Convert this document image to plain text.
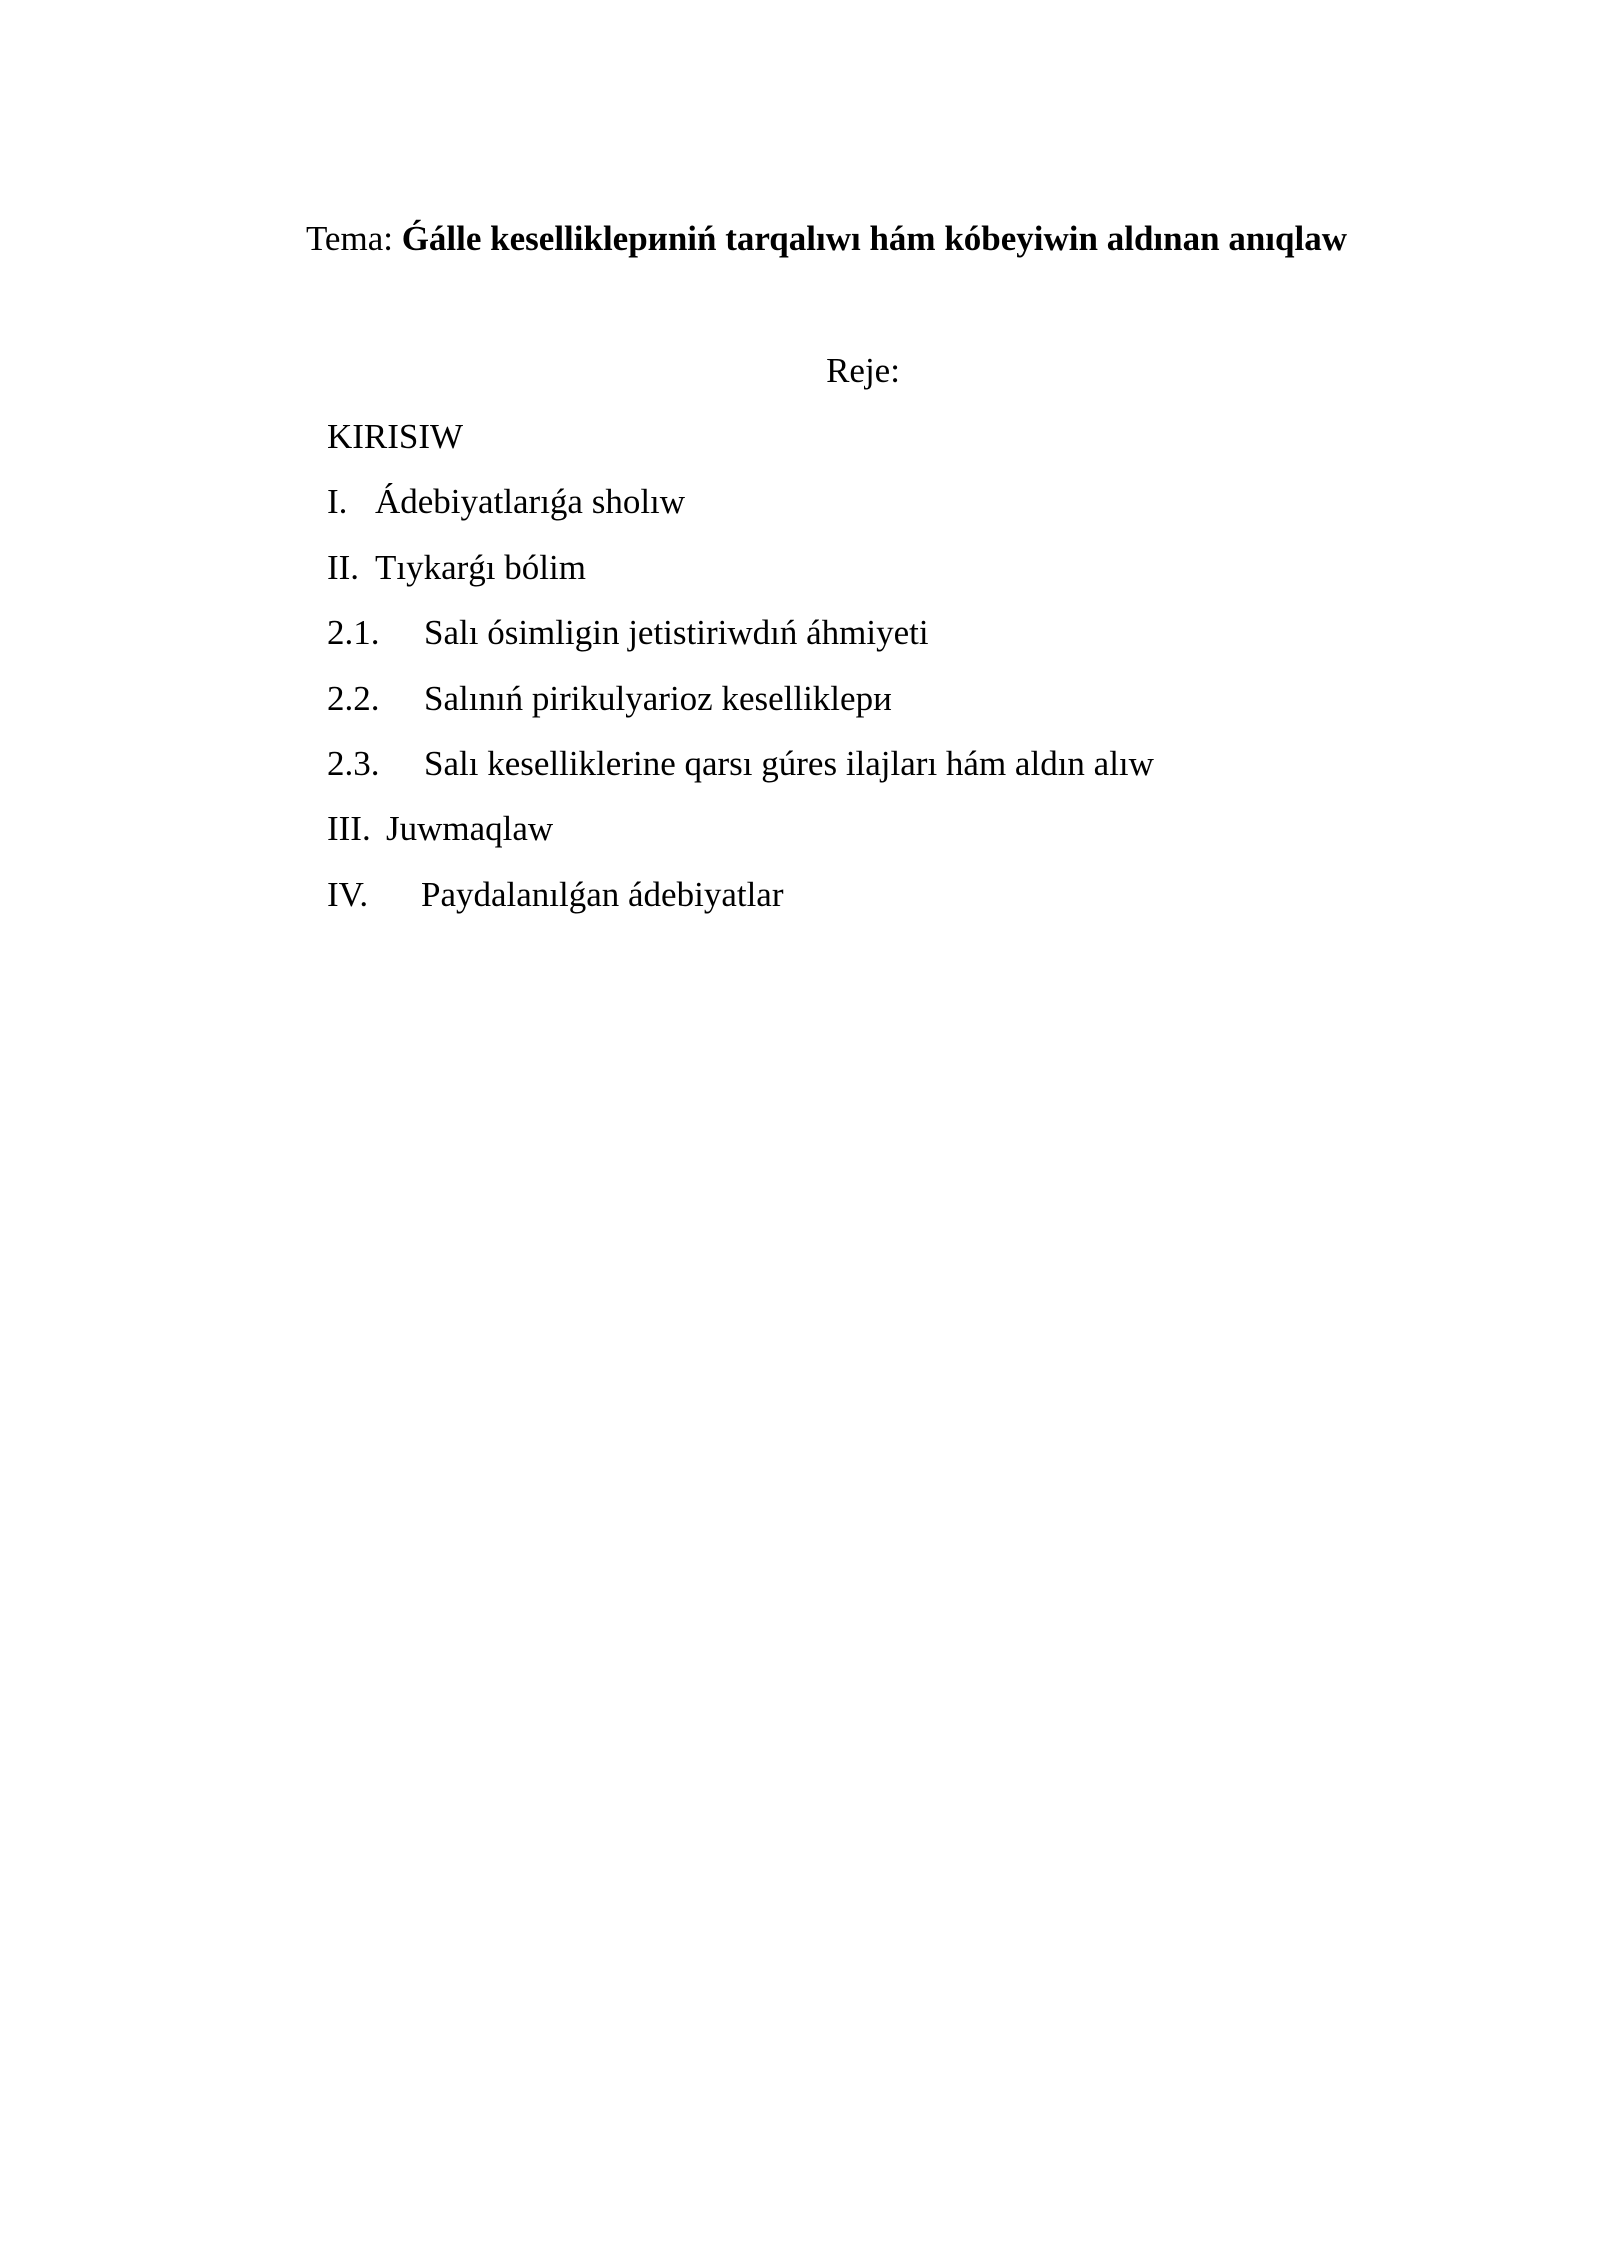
Tema: Ǵálle keselliklериniń tarqalıwı hám kóbeyiwin aldınan anıqlaw
Reje:
KIRISIW
I. Ádebiyatlarıǵa sholıw
II. Tıykarǵı bólim
2.1. Salı ósimligin jetistiriwdıń áhmiyeti
2.2. Salınıń pirikulyarioz keselliklери
2.3. Salı keselliklerine qarsı gúres ilajları hám aldın alıw
III. Juwmaqlaw
IV. Paydalanılǵan ádebiyatlar
